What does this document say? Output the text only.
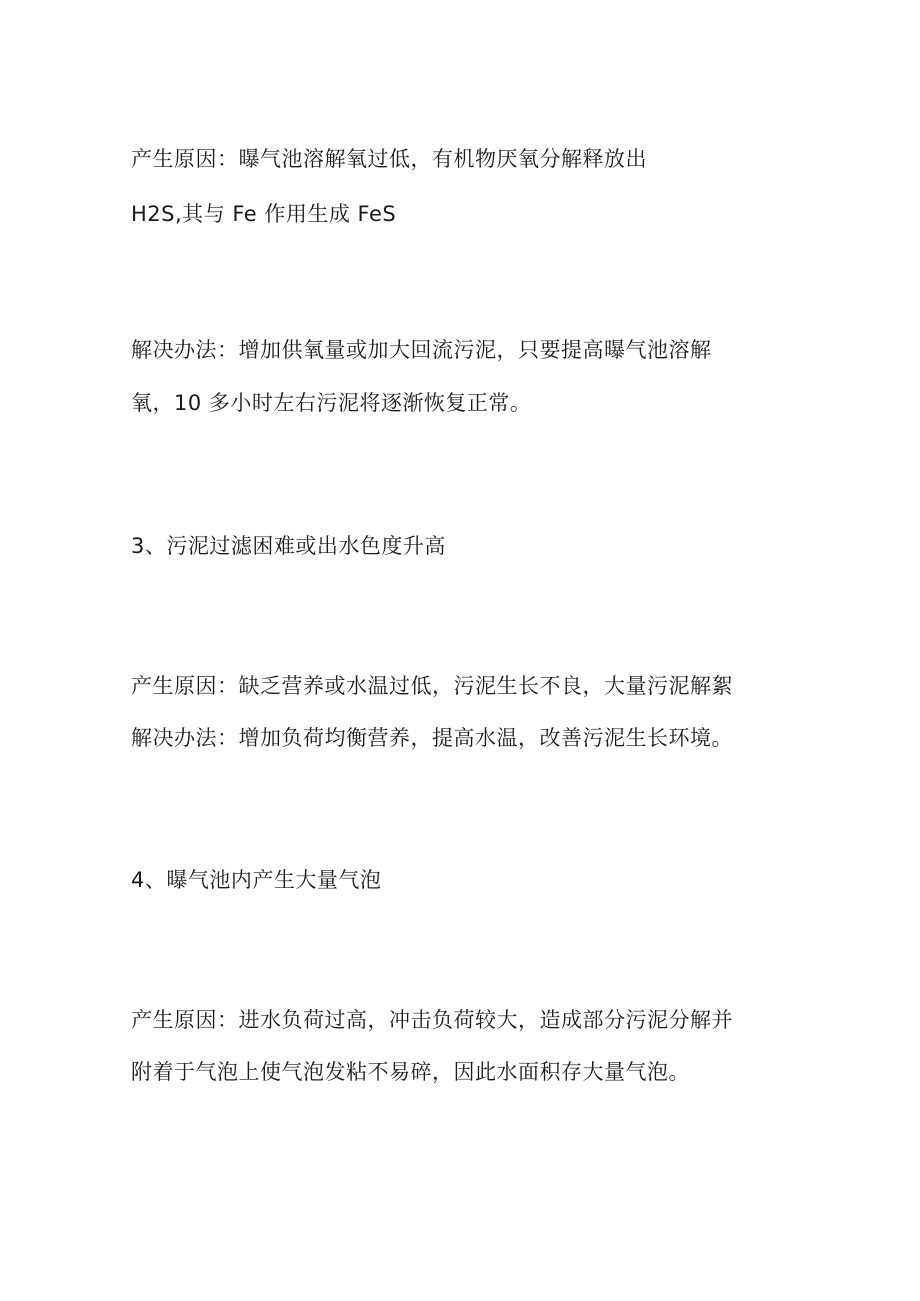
产生原因：曝气池溶解氧过低，有机物厌氧分解释放出

H2S,其与 Fe 作用生成 FeS

解决办法：增加供氧量或加大回流污泥，只要提高曝气池溶解

氧，10 多小时左右污泥将逐渐恢复正常。

3、污泥过滤困难或出水色度升高

产生原因：缺乏营养或水温过低，污泥生长不良，大量污泥解絮

解决办法：增加负荷均衡营养，提高水温，改善污泥生长环境。

4、曝气池内产生大量气泡

产生原因：进水负荷过高，冲击负荷较大，造成部分污泥分解并

附着于气泡上使气泡发粘不易碎，因此水面积存大量气泡。
